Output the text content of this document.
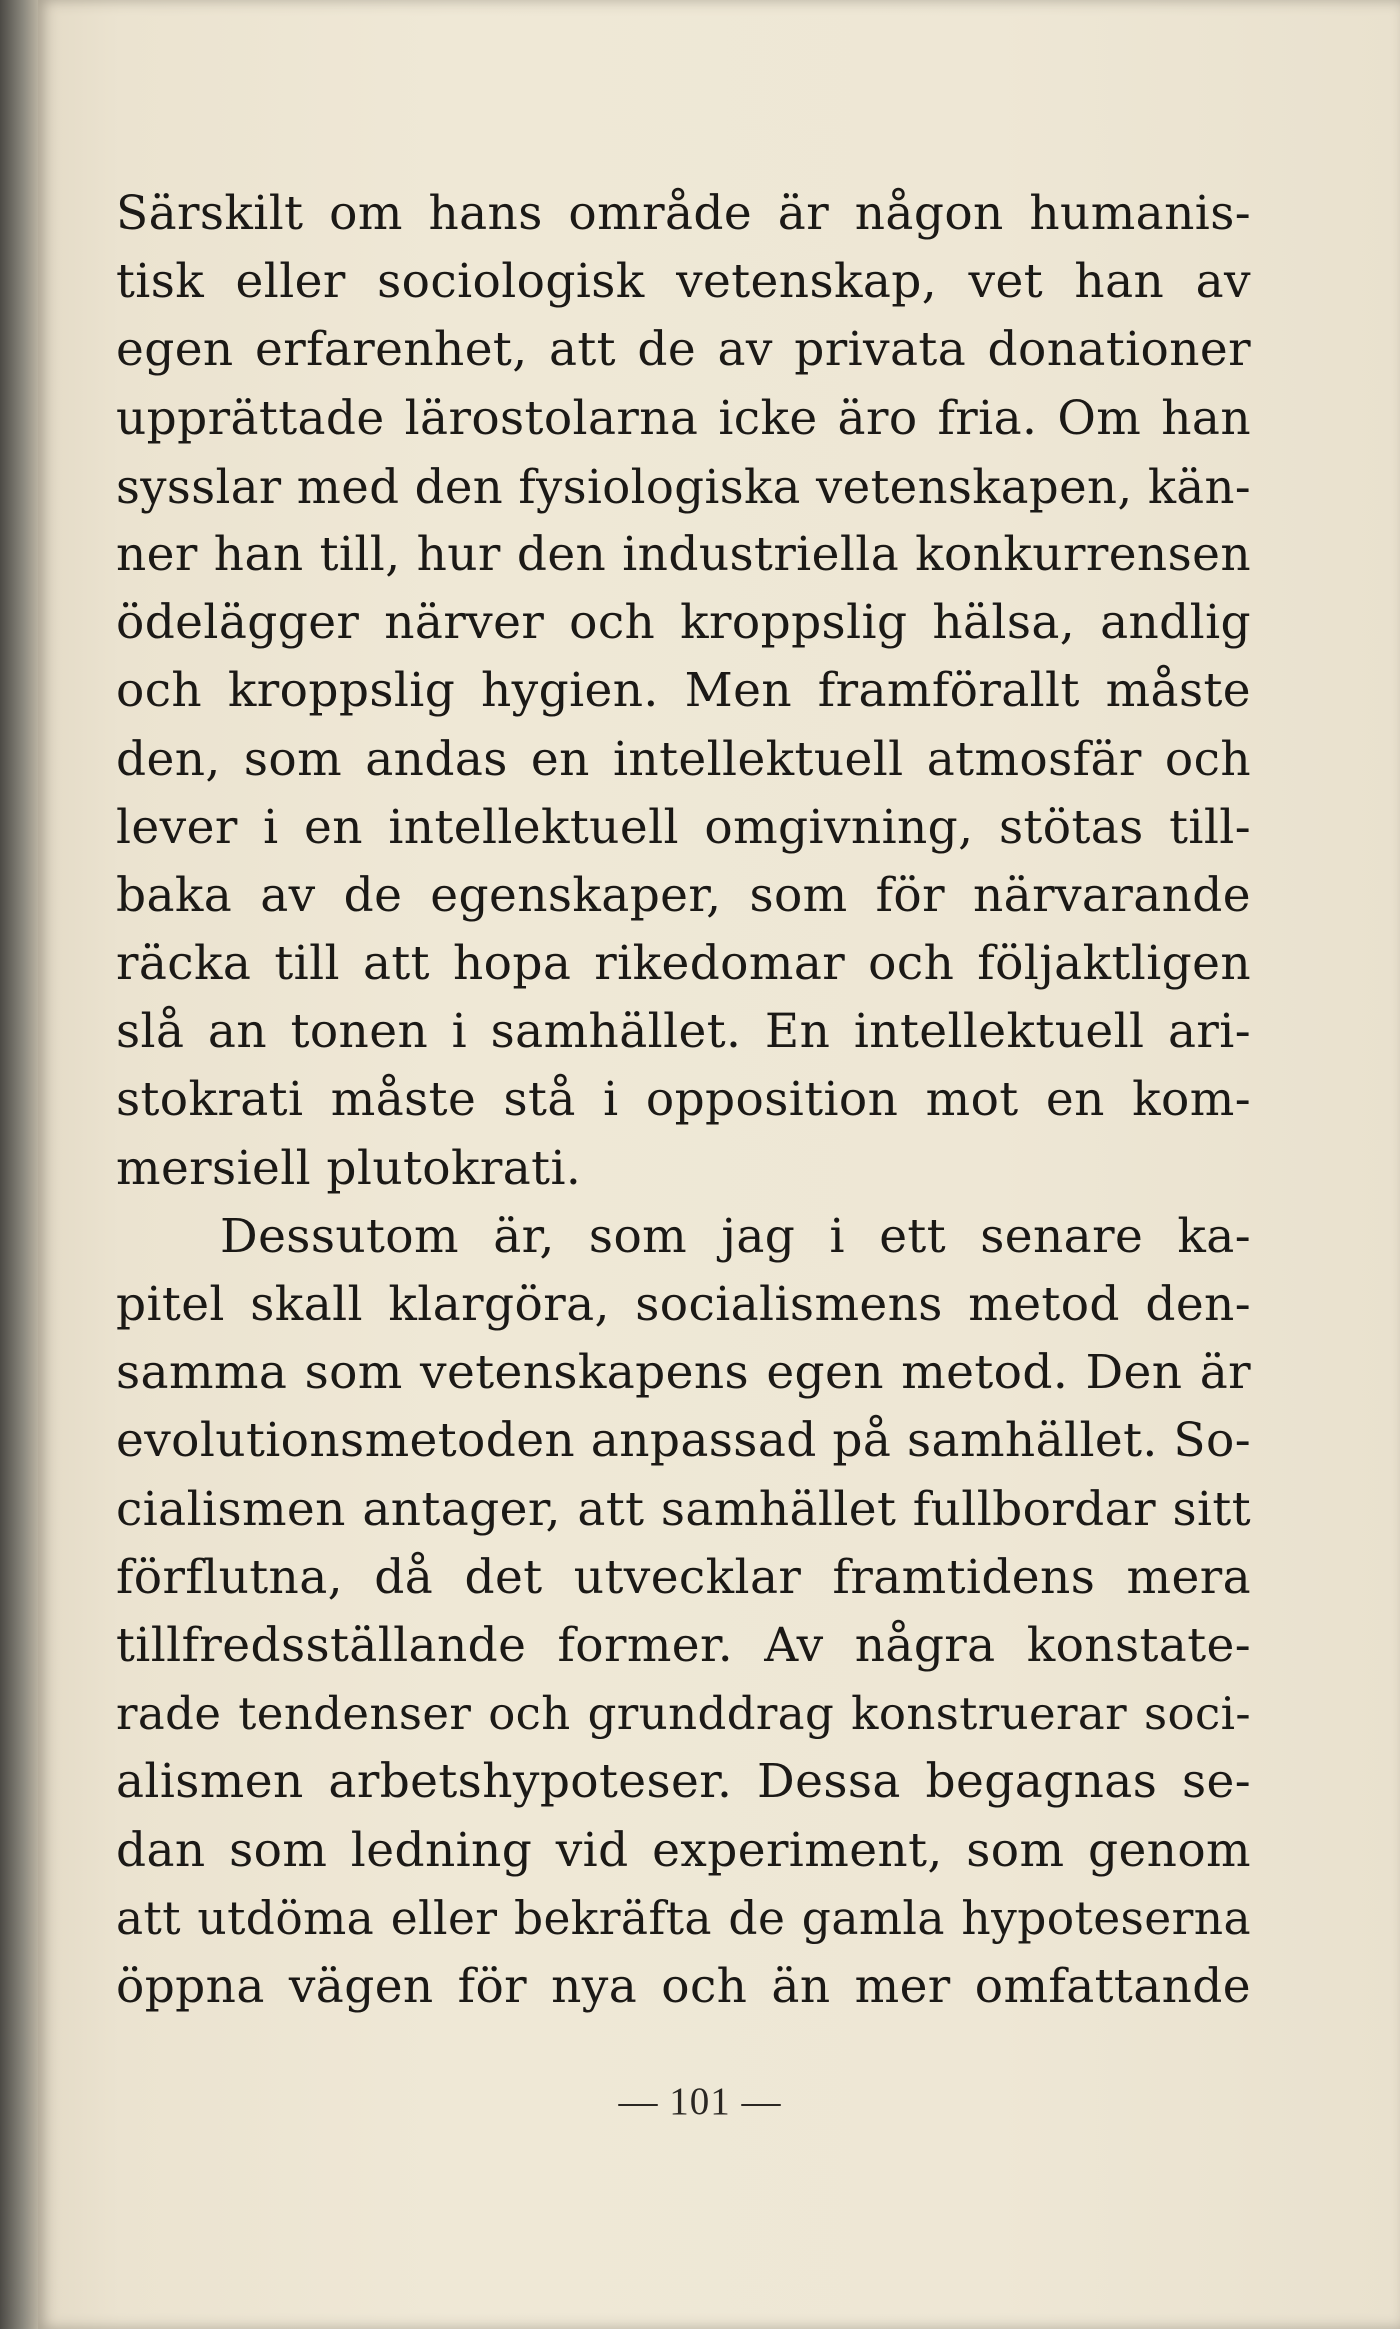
Särskilt om hans område är någon humanis-
tisk eller sociologisk vetenskap, vet han av
egen erfarenhet, att de av privata donationer
upprättade lärostolarna icke äro fria. Om han
sysslar med den fysiologiska vetenskapen, kän-
ner han till, hur den industriella konkurrensen
ödelägger närver och kroppslig hälsa, andlig
och kroppslig hygien. Men framförallt måste
den, som andas en intellektuell atmosfär och
lever i en intellektuell omgivning, stötas till-
baka av de egenskaper, som för närvarande
räcka till att hopa rikedomar och följaktligen
slå an tonen i samhället. En intellektuell ari-
stokrati måste stå i opposition mot en kom-
mersiell plutokrati.
Dessutom är, som jag i ett senare ka-
pitel skall klargöra, socialismens metod den-
samma som vetenskapens egen metod. Den är
evolutionsmetoden anpassad på samhället. So-
cialismen antager, att samhället fullbordar sitt
förflutna, då det utvecklar framtidens mera
tillfredsställande former. Av några konstate-
rade tendenser och grunddrag konstruerar soci-
alismen arbetshypoteser. Dessa begagnas se-
dan som ledning vid experiment, som genom
att utdöma eller bekräfta de gamla hypoteserna
öppna vägen för nya och än mer omfattande
— 101 —
